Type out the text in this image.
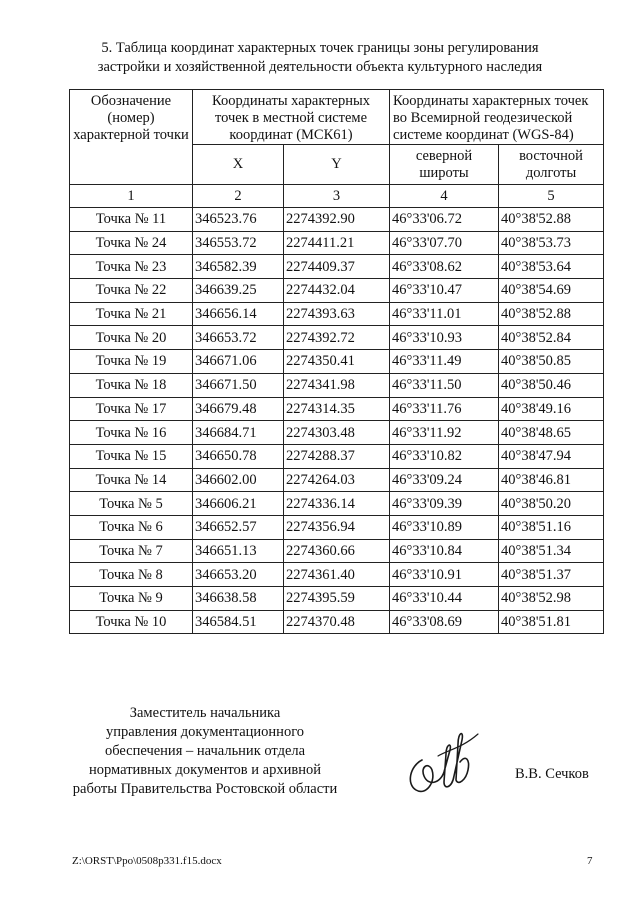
5. Таблица координат характерных точек границы зоны регулирования
застройки и хозяйственной деятельности объекта культурного наследия
Обозначение (номер) характерной точки	Координаты характерных точек в местной системе координат (МСК61)		Координаты характерных точек во Всемирной геодезической системе координат (WGS-84)	
	X	Y	северной широты	восточной долготы
1	2	3	4	5
Точка № 11	346523.76	2274392.90	46°33'06.72	40°38'52.88
Точка № 24	346553.72	2274411.21	46°33'07.70	40°38'53.73
Точка № 23	346582.39	2274409.37	46°33'08.62	40°38'53.64
Точка № 22	346639.25	2274432.04	46°33'10.47	40°38'54.69
Точка № 21	346656.14	2274393.63	46°33'11.01	40°38'52.88
Точка № 20	346653.72	2274392.72	46°33'10.93	40°38'52.84
Точка № 19	346671.06	2274350.41	46°33'11.49	40°38'50.85
Точка № 18	346671.50	2274341.98	46°33'11.50	40°38'50.46
Точка № 17	346679.48	2274314.35	46°33'11.76	40°38'49.16
Точка № 16	346684.71	2274303.48	46°33'11.92	40°38'48.65
Точка № 15	346650.78	2274288.37	46°33'10.82	40°38'47.94
Точка № 14	346602.00	2274264.03	46°33'09.24	40°38'46.81
Точка № 5	346606.21	2274336.14	46°33'09.39	40°38'50.20
Точка № 6	346652.57	2274356.94	46°33'10.89	40°38'51.16
Точка № 7	346651.13	2274360.66	46°33'10.84	40°38'51.34
Точка № 8	346653.20	2274361.40	46°33'10.91	40°38'51.37
Точка № 9	346638.58	2274395.59	46°33'10.44	40°38'52.98
Точка № 10	346584.51	2274370.48	46°33'08.69	40°38'51.81
Заместитель начальника
управления документационного
обеспечения – начальник отдела
нормативных документов и архивной
работы Правительства Ростовской области
В.В. Сечков
Z:\ORST\Ppo\0508p331.f15.docx	7
